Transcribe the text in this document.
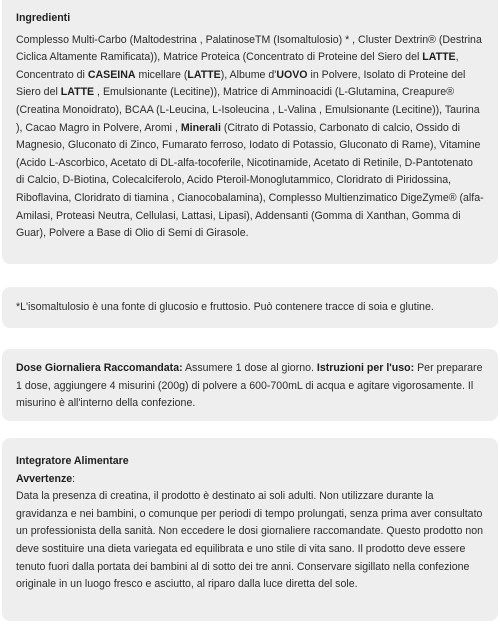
Ingredienti

Complesso Multi-Carbo (Maltodestrina , PalatinoseTM (Isomaltulosio) * , Cluster Dextrin® (Destrina Ciclica Altamente Ramificata)), Matrice Proteica (Concentrato di Proteine del Siero del LATTE, Concentrato di CASEINA micellare (LATTE), Albume d'UOVO in Polvere, Isolato di Proteine del Siero del LATTE , Emulsionante (Lecitine)), Matrice di Amminoacidi (L-Glutamina, Creapure® (Creatina Monoidrato), BCAA (L-Leucina, L-Isoleucina , L-Valina , Emulsionante (Lecitine)), Taurina ), Cacao Magro in Polvere, Aromi , Minerali (Citrato di Potassio, Carbonato di calcio, Ossido di Magnesio, Gluconato di Zinco, Fumarato ferroso, Iodato di Potassio, Gluconato di Rame), Vitamine (Acido L-Ascorbico, Acetato di DL-alfa-tocoferile, Nicotinamide, Acetato di Retinile, D-Pantotenato di Calcio, D-Biotina, Colecalciferolo, Acido Pteroil-Monoglutammico, Cloridrato di Piridossina, Riboflavina, Cloridrato di tiamina , Cianocobalamina), Complesso Multienzimatico DigeZyme® (alfa-Amilasi, Proteasi Neutra, Cellulasi, Lattasi, Lipasi), Addensanti (Gomma di Xanthan, Gomma di Guar), Polvere a Base di Olio di Semi di Girasole.

*L'isomaltulosio è una fonte di glucosio e fruttosio. Può contenere tracce di soia e glutine.

Dose Giornaliera Raccomandata: Assumere 1 dose al giorno. Istruzioni per l'uso: Per preparare 1 dose, aggiungere 4 misurini (200g) di polvere a 600-700mL di acqua e agitare vigorosamente. Il misurino è all'interno della confezione.

Integratore Alimentare
Avvertenze:

Data la presenza di creatina, il prodotto è destinato ai soli adulti. Non utilizzare durante la gravidanza e nei bambini, o comunque per periodi di tempo prolungati, senza prima aver consultato un professionista della sanità. Non eccedere le dosi giornaliere raccomandate. Questo prodotto non deve sostituire una dieta variegata ed equilibrata e uno stile di vita sano. Il prodotto deve essere tenuto fuori dalla portata dei bambini al di sotto dei tre anni. Conservare sigillato nella confezione originale in un luogo fresco e asciutto, al riparo dalla luce diretta del sole.
